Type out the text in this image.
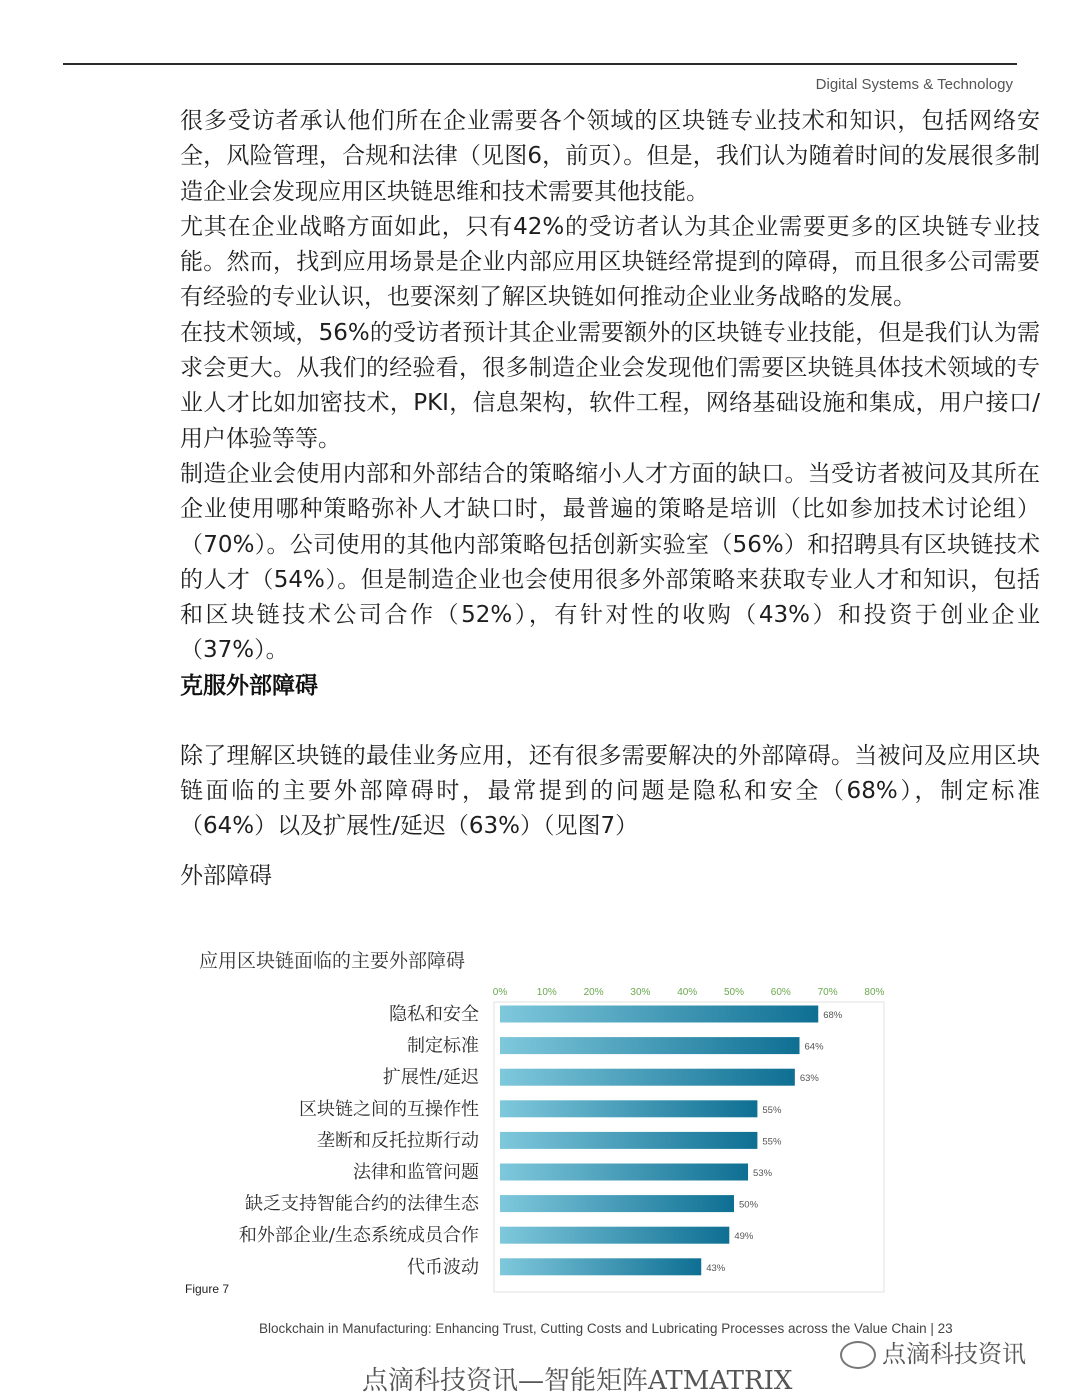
Digital Systems & Technology

很多受访者承认他们所在企业需要各个领域的区块链专业技术和知识，包括网络安全，风险管理，合规和法律（见图6，前页）。但是，我们认为随着时间的发展很多制造企业会发现应用区块链思维和技术需要其他技能。

尤其在企业战略方面如此，只有42%的受访者认为其企业需要更多的区块链专业技能。然而，找到应用场景是企业内部应用区块链经常提到的障碍，而且很多公司需要有经验的专业认识，也要深刻了解区块链如何推动企业业务战略的发展。

在技术领域，56%的受访者预计其企业需要额外的区块链专业技能，但是我们认为需求会更大。从我们的经验看，很多制造企业会发现他们需要区块链具体技术领域的专业人才比如加密技术，PKI，信息架构，软件工程，网络基础设施和集成，用户接口/用户体验等等。

制造企业会使用内部和外部结合的策略缩小人才方面的缺口。当受访者被问及其所在企业使用哪种策略弥补人才缺口时，最普遍的策略是培训（比如参加技术讨论组）（70%）。公司使用的其他内部策略包括创新实验室（56%）和招聘具有区块链技术的人才（54%）。但是制造企业也会使用很多外部策略来获取专业人才和知识，包括和区块链技术公司合作（52%），有针对性的收购（43%）和投资于创业企业（37%）。

克服外部障碍

除了理解区块链的最佳业务应用，还有很多需要解决的外部障碍。当被问及应用区块链面临的主要外部障碍时，最常提到的问题是隐私和安全（68%），制定标准（64%）以及扩展性/延迟（63%）（见图7）

外部障碍

应用区块链面临的主要外部障碍
0%	10%	20%	30%	40%	50%	60%	70%	80%
隐私和安全	68%
制定标准	64%
扩展性/延迟	63%
区块链之间的互操作性	55%
垄断和反托拉斯行动	55%
法律和监管问题	53%
缺乏支持智能合约的法律生态	50%
和外部企业/生态系统成员合作	49%
代币波动	43%
Figure 7
Blockchain in Manufacturing: Enhancing Trust, Cutting Costs and Lubricating Processes across the Value Chain | 23
点滴科技资讯
点滴科技资讯—智能矩阵ATMATRIX
